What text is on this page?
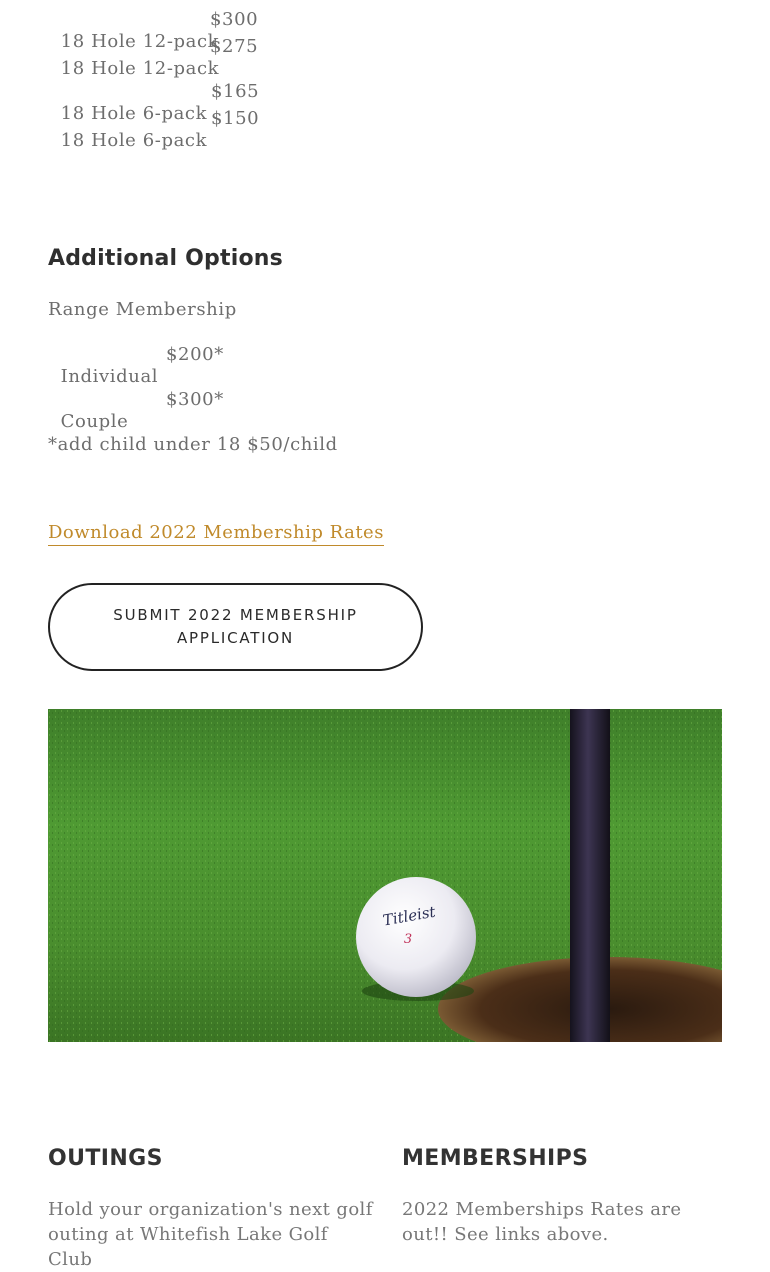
18 Hole 12-pack

$300

18 Hole 12-pack

$275

18 Hole 6-pack

$165

18 Hole 6-pack

$150

Additional Options
Range Membership

Individual

$200*

Couple

$300*

*add child under 18 $50/child
Download 2022 Membership Rates
SUBMIT 2022 MEMBERSHIP APPLICATION
Titleist
3
OUTINGS
Hold your organization's next golf outing at Whitefish Lake Golf Club
MEMBERSHIPS
2022 Memberships Rates are out!! See links above.
